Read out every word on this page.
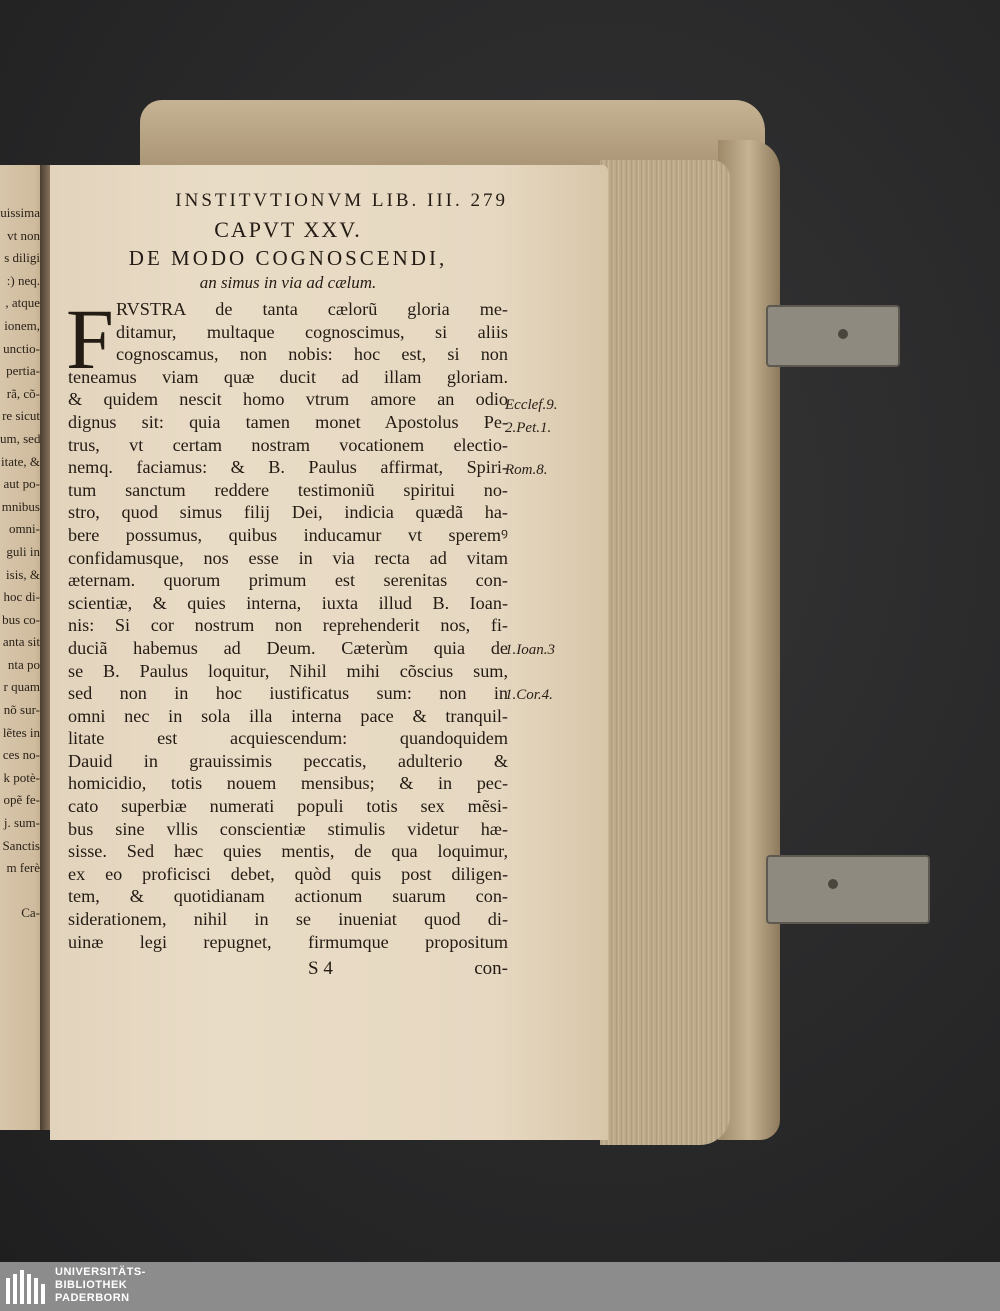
uissima
vt non
s diligi
:) neq.
, atque
ionem,
unctio-
pertia-
rã, cõ-
re sicut
um, sed
itate, &
aut po-
mnibus
omni-
guli in
isis, &
hoc di-
bus co-
anta sit
nta po
r quam
nõ sur-
lẽtes in
ces no-
k potè-
opẽ fe-
j. sum-
Sanctis
m ferè
Ca-
INSTITVTIONVM LIB. III. 279
CAPVT XXV.
DE MODO COGNOSCENDI,
an simus in via ad cælum.
F RVSTRA de tanta cælorũ gloria me-
ditamur, multaque cognoscimus, si aliis
cognoscamus, non nobis: hoc est, si non
teneamus viam quæ ducit ad illam gloriam.
& quidem nescit homo vtrum amore an odio
dignus sit: quia tamen monet Apostolus Pe-
trus, vt certam nostram vocationem electio-
nemq. faciamus: & B. Paulus affirmat, Spiri-
tum sanctum reddere testimoniũ spiritui no-
stro, quod simus filij Dei, indicia quædã ha-
bere possumus, quibus inducamur vt speremꝰ
confidamusque, nos esse in via recta ad vitam
æternam. quorum primum est serenitas con-
scientiæ, & quies interna, iuxta illud B. Ioan-
nis: Si cor nostrum non reprehenderit nos, fi-
duciã habemus ad Deum. Cæterùm quia de
se B. Paulus loquitur, Nihil mihi cõscius sum,
sed non in hoc iustificatus sum: non in
omni nec in sola illa interna pace & tranquil-
litate est acquiescendum: quandoquidem
Dauid in grauissimis peccatis, adulterio &
homicidio, totis nouem mensibus; & in pec-
cato superbiæ numerati populi totis sex mẽsi-
bus sine vllis conscientiæ stimulis videtur hæ-
sisse. Sed hæc quies mentis, de qua loquimur,
ex eo proficisci debet, quòd quis post diligen-
tem, & quotidianam actionum suarum con-
siderationem, nihil in se inueniat quod di-
uinæ legi repugnet, firmumque propositum
S 4	con-
Ecclef.9.
2.Pet.1.
Rom.8.
1.Ioan.3
1.Cor.4.
UNIVERSITÄTS-
BIBLIOTHEK
PADERBORN
